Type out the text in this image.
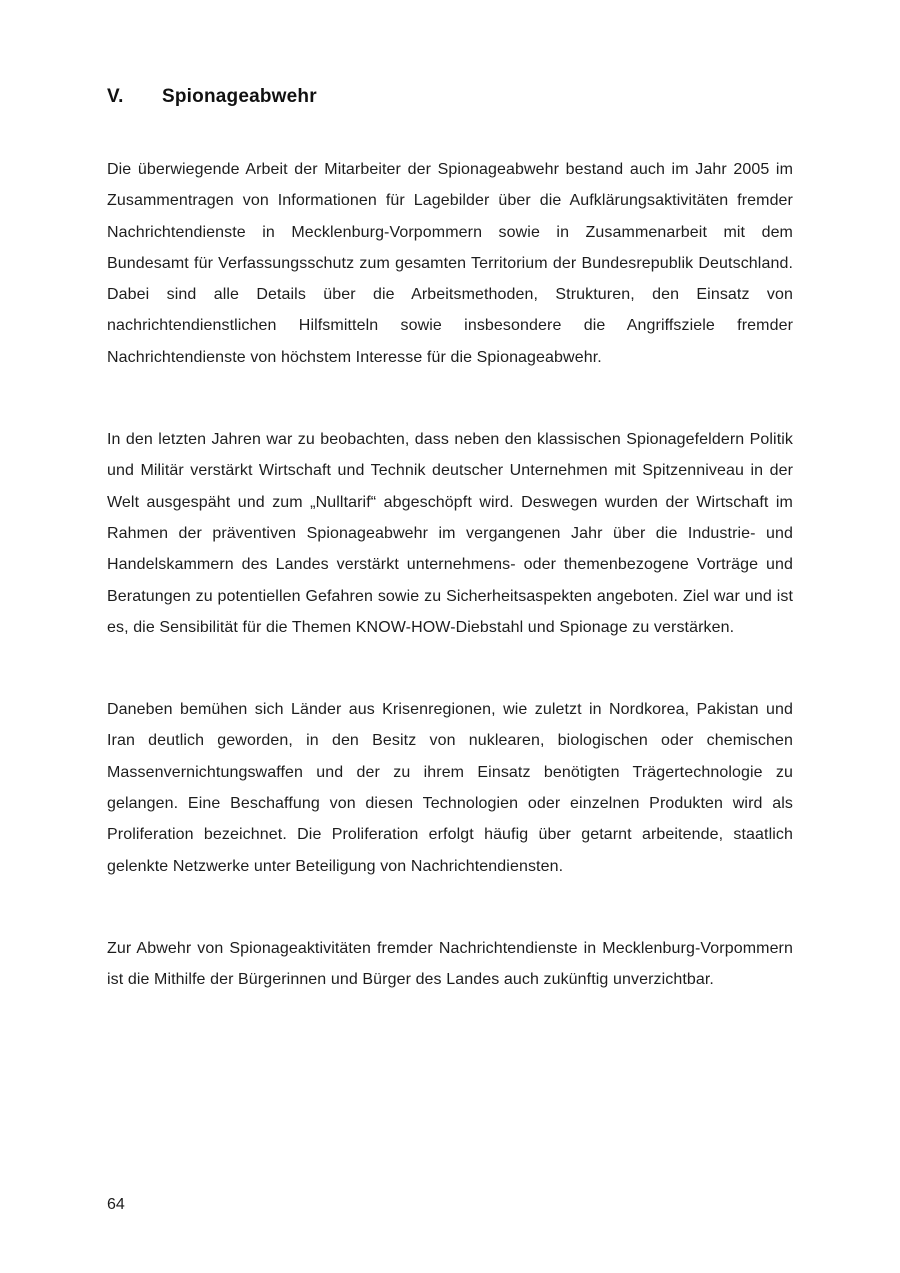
V.	Spionageabwehr

Die überwiegende Arbeit der Mitarbeiter der Spionageabwehr bestand auch im Jahr 2005 im Zusammentragen von Informationen für Lagebilder über die Aufklärungsaktivitäten fremder Nachrichtendienste in Mecklenburg-Vorpommern sowie in Zusammenarbeit mit dem Bundesamt für Verfassungsschutz zum gesamten Territorium der Bundesrepublik Deutschland. Dabei sind alle Details über die Arbeitsmethoden, Strukturen, den Einsatz von nachrichtendienstlichen Hilfsmitteln sowie insbesondere die Angriffsziele fremder Nachrichtendienste von höchstem Interesse für die Spionageabwehr.

In den letzten Jahren war zu beobachten, dass neben den klassischen Spionagefeldern Politik und Militär verstärkt Wirtschaft und Technik deutscher Unternehmen mit Spitzenniveau in der Welt ausgespäht und zum „Nulltarif“ abgeschöpft wird. Deswegen wurden der Wirtschaft im Rahmen der präventiven Spionageabwehr im vergangenen Jahr über die Industrie- und Handelskammern des Landes verstärkt unternehmens- oder themenbezogene Vorträge und Beratungen zu potentiellen Gefahren sowie zu Sicherheitsaspekten angeboten. Ziel war und ist es, die Sensibilität für die Themen KNOW-HOW-Diebstahl und Spionage zu verstärken.

Daneben bemühen sich Länder aus Krisenregionen, wie zuletzt in Nordkorea, Pakistan und Iran deutlich geworden, in den Besitz von nuklearen, biologischen oder chemischen Massenvernichtungswaffen und der zu ihrem Einsatz benötigten Trägertechnologie zu gelangen. Eine Beschaffung von diesen Technologien oder einzelnen Produkten wird als Proliferation bezeichnet. Die Proliferation erfolgt häufig über getarnt arbeitende, staatlich gelenkte Netzwerke unter Beteiligung von Nachrichtendiensten.

Zur Abwehr von Spionageaktivitäten fremder Nachrichtendienste in Mecklenburg-Vorpommern ist die Mithilfe der Bürgerinnen und Bürger des Landes auch zukünftig unverzichtbar.

64
